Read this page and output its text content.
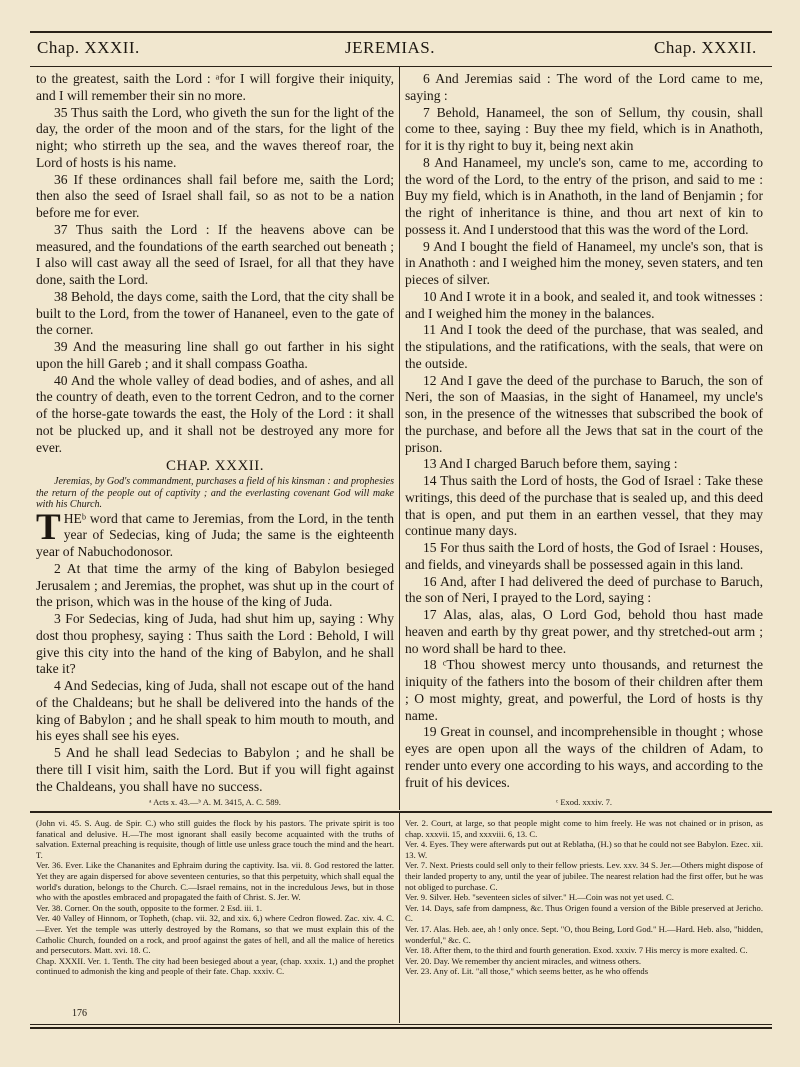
Chap. XXXII.	JEREMIAS.	Chap. XXXII.

to the greatest, saith the Lord : ᵃfor I will forgive their iniquity, and I will remember their sin no more.

35 Thus saith the Lord, who giveth the sun for the light of the day, the order of the moon and of the stars, for the light of the night; who stirreth up the sea, and the waves thereof roar, the Lord of hosts is his name.

36 If these ordinances shall fail before me, saith the Lord; then also the seed of Israel shall fail, so as not to be a nation before me for ever.

37 Thus saith the Lord : If the heavens above can be measured, and the foundations of the earth searched out beneath ; I also will cast away all the seed of Israel, for all that they have done, saith the Lord.

38 Behold, the days come, saith the Lord, that the city shall be built to the Lord, from the tower of Hananeel, even to the gate of the corner.

39 And the measuring line shall go out farther in his sight upon the hill Gareb ; and it shall compass Goatha.

40 And the whole valley of dead bodies, and of ashes, and all the country of death, even to the torrent Cedron, and to the corner of the horse-gate towards the east, the Holy of the Lord : it shall not be plucked up, and it shall not be destroyed any more for ever.

CHAP. XXXII.

Jeremias, by God's commandment, purchases a field of his kinsman : and prophesies the return of the people out of captivity ; and the everlasting covenant God will make with his Church.

THEᵇ word that came to Jeremias, from the Lord, in the tenth year of Sedecias, king of Juda; the same is the eighteenth year of Nabuchodonosor.

2 At that time the army of the king of Babylon besieged Jerusalem ; and Jeremias, the prophet, was shut up in the court of the prison, which was in the house of the king of Juda.

3 For Sedecias, king of Juda, had shut him up, saying : Why dost thou prophesy, saying : Thus saith the Lord : Behold, I will give this city into the hand of the king of Babylon, and he shall take it?

4 And Sedecias, king of Juda, shall not escape out of the hand of the Chaldeans; but he shall be delivered into the hands of the king of Babylon ; and he shall speak to him mouth to mouth, and his eyes shall see his eyes.

5 And he shall lead Sedecias to Babylon ; and he shall be there till I visit him, saith the Lord. But if you will fight against the Chaldeans, you shall have no success.

6 And Jeremias said : The word of the Lord came to me, saying :

7 Behold, Hanameel, the son of Sellum, thy cousin, shall come to thee, saying : Buy thee my field, which is in Anathoth, for it is thy right to buy it, being next akin

8 And Hanameel, my uncle's son, came to me, according to the word of the Lord, to the entry of the prison, and said to me : Buy my field, which is in Anathoth, in the land of Benjamin ; for the right of inheritance is thine, and thou art next of kin to possess it. And I understood that this was the word of the Lord.

9 And I bought the field of Hanameel, my uncle's son, that is in Anathoth : and I weighed him the money, seven staters, and ten pieces of silver.

10 And I wrote it in a book, and sealed it, and took witnesses : and I weighed him the money in the balances.

11 And I took the deed of the purchase, that was sealed, and the stipulations, and the ratifications, with the seals, that were on the outside.

12 And I gave the deed of the purchase to Baruch, the son of Neri, the son of Maasias, in the sight of Hanameel, my uncle's son, in the presence of the witnesses that subscribed the book of the purchase, and before all the Jews that sat in the court of the prison.

13 And I charged Baruch before them, saying :

14 Thus saith the Lord of hosts, the God of Israel : Take these writings, this deed of the purchase that is sealed up, and this deed that is open, and put them in an earthen vessel, that they may continue many days.

15 For thus saith the Lord of hosts, the God of Israel : Houses, and fields, and vineyards shall be possessed again in this land.

16 And, after I had delivered the deed of purchase to Baruch, the son of Neri, I prayed to the Lord, saying :

17 Alas, alas, alas, O Lord God, behold thou hast made heaven and earth by thy great power, and thy stretched-out arm ; no word shall be hard to thee.

18 ᶜThou showest mercy unto thousands, and returnest the iniquity of the fathers into the bosom of their children after them ; O most mighty, great, and powerful, the Lord of hosts is thy name.

19 Great in counsel, and incomprehensible in thought ; whose eyes are open upon all the ways of the children of Adam, to render unto every one according to his ways, and according to the fruit of his devices.

ᵃ Acts x. 43.—ᵇ A. M. 3415, A. C. 589.	ᶜ Exod. xxxiv. 7.

(John vi. 45. S. Aug. de Spir. C.) who still guides the flock by his pastors. The private spirit is too fanatical and delusive. H.—The most ignorant shall easily become acquainted with the truths of salvation. External preaching is requisite, though of little use unless grace touch the mind and the heart. T.

Ver. 36. Ever. Like the Chananites and Ephraim during the captivity. Isa. vii. 8. God restored the latter. Yet they are again dispersed for above seventeen centuries, so that this perpetuity, which shall equal the world's duration, belongs to the Church. C.—Israel remains, not in the incredulous Jews, but in those who with the apostles embraced and propagated the faith of Christ. S. Jer. W.

Ver. 38. Corner. On the south, opposite to the former. 2 Esd. iii. 1.

Ver. 40 Valley of Hinnom, or Topheth, (chap. vii. 32, and xix. 6,) where Cedron flowed. Zac. xiv. 4. C.—Ever. Yet the temple was utterly destroyed by the Romans, so that we must explain this of the Catholic Church, founded on a rock, and proof against the gates of hell, and all the malice of heretics and persecutors. Matt. xvi. 18. C.

Chap. XXXII. Ver. 1. Tenth. The city had been besieged about a year, (chap. xxxix. 1,) and the prophet continued to admonish the king and people of their fate. Chap. xxxiv. C.

Ver. 2. Court, at large, so that people might come to him freely. He was not chained or in prison, as chap. xxxvii. 15, and xxxviii. 6, 13. C.

Ver. 4. Eyes. They were afterwards put out at Reblatha, (H.) so that he could not see Babylon. Ezec. xii. 13. W.

Ver. 7. Next. Priests could sell only to their fellow priests. Lev. xxv. 34 S. Jer.—Others might dispose of their landed property to any, until the year of jubilee. The nearest relation had the first offer, but he was not obliged to purchase. C.

Ver. 9. Silver. Heb. "seventeen sicles of silver." H.—Coin was not yet used. C.

Ver. 14. Days, safe from dampness, &c. Thus Origen found a version of the Bible preserved at Jericho. C.

Ver. 17. Alas. Heb. aee, ah ! only once. Sept. "O, thou Being, Lord God." H.—Hard. Heb. also, "hidden, wonderful," &c. C.

Ver. 18. After them, to the third and fourth generation. Exod. xxxiv. 7 His mercy is more exalted. C.

Ver. 20. Day. We remember thy ancient miracles, and witness others.

Ver. 23. Any of. Lit. "all those," which seems better, as he who offends

176
